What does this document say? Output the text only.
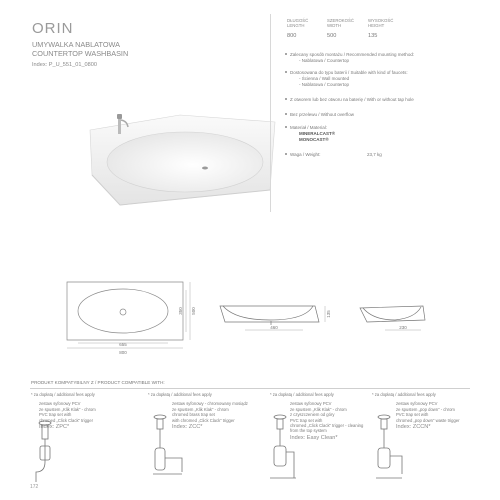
ORIN
UMYWALKA NABLATOWA
COUNTERTOP WASHBASIN
Index: P_U_551_01_0800
DŁUGOŚĆ
LENGTH
800
SZEROKOŚĆ
WIDTH
500
WYSOKOŚĆ
HEIGHT
135
Zalecany sposób montażu / Recommended mounting method:
- Nablatowa / Countertop
Dostosowana do typu baterii / Suitable with kind of faucets:
- Ścienna / Wall mounted
- Nablatowa / Countertop
Z otworem lub bez otworu na baterię / With or without tap hole
Bez przelewu / Without overflow
Materiał / Material:
MINERALCAST®
MONOCAST®
Waga / Weight:	23,7 kg
655
800
350 500
460
135
230
PRODUKT KOMPATYBILNY Z / PRODUCT COMPATIBLE WITH:
* za dopłatą / additional fees apply
zestaw syfonowy PCV
ze spustem „Klik Klak” - chrom
PVC trap set with
chromed „Click Clack” trigger
Index: ZPC*
* za dopłatą / additional fees apply
zestaw syfonowy - chromowany mosiądz
ze spustem „Klik Klak” - chrom
chromed brass trap set
with chromed „Click Clack” trigger
Index: ZCC*
* za dopłatą / additional fees apply
zestaw syfonowy PCV
ze spustem „Klik Klak” - chrom
z czyszczeniem od góry
PVC trap set with
chromed „Click Clack” trigger - cleaning from the top system
Index: Easy Clean*
* za dopłatą / additional fees apply
zestaw syfonowy PCV
ze spustem „pop down” - chrom
PVC trap set with
chromed „pop down” waste trigger
Index: ZCCN*
172
